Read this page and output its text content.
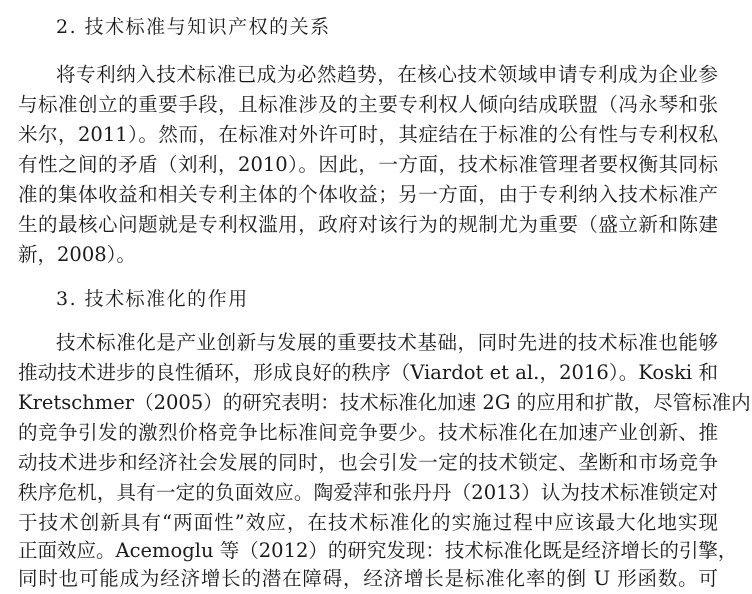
2. 技术标准与知识产权的关系
将专利纳入技术标准已成为必然趋势，在核心技术领域申请专利成为企业参
与标准创立的重要手段，且标准涉及的主要专利权人倾向结成联盟（冯永琴和张
米尔，2011）。然而，在标准对外许可时，其症结在于标准的公有性与专利权私
有性之间的矛盾（刘利，2010）。因此，一方面，技术标准管理者要权衡其同标
准的集体收益和相关专利主体的个体收益；另一方面，由于专利纳入技术标准产
生的最核心问题就是专利权滥用，政府对该行为的规制尤为重要（盛立新和陈建
新，2008）。
3. 技术标准化的作用
技术标准化是产业创新与发展的重要技术基础，同时先进的技术标准也能够
推动技术进步的良性循环，形成良好的秩序（Viardot et al.，2016）。Koski 和
Kretschmer（2005）的研究表明：技术标准化加速 2G 的应用和扩散，尽管标准内
的竞争引发的激烈价格竞争比标准间竞争要少。技术标准化在加速产业创新、推
动技术进步和经济社会发展的同时，也会引发一定的技术锁定、垄断和市场竞争
秩序危机，具有一定的负面效应。陶爱萍和张丹丹（2013）认为技术标准锁定对
于技术创新具有“两面性”效应，在技术标准化的实施过程中应该最大化地实现
正面效应。Acemoglu 等（2012）的研究发现：技术标准化既是经济增长的引擎，
同时也可能成为经济增长的潜在障碍，经济增长是标准化率的倒 U 形函数。可
